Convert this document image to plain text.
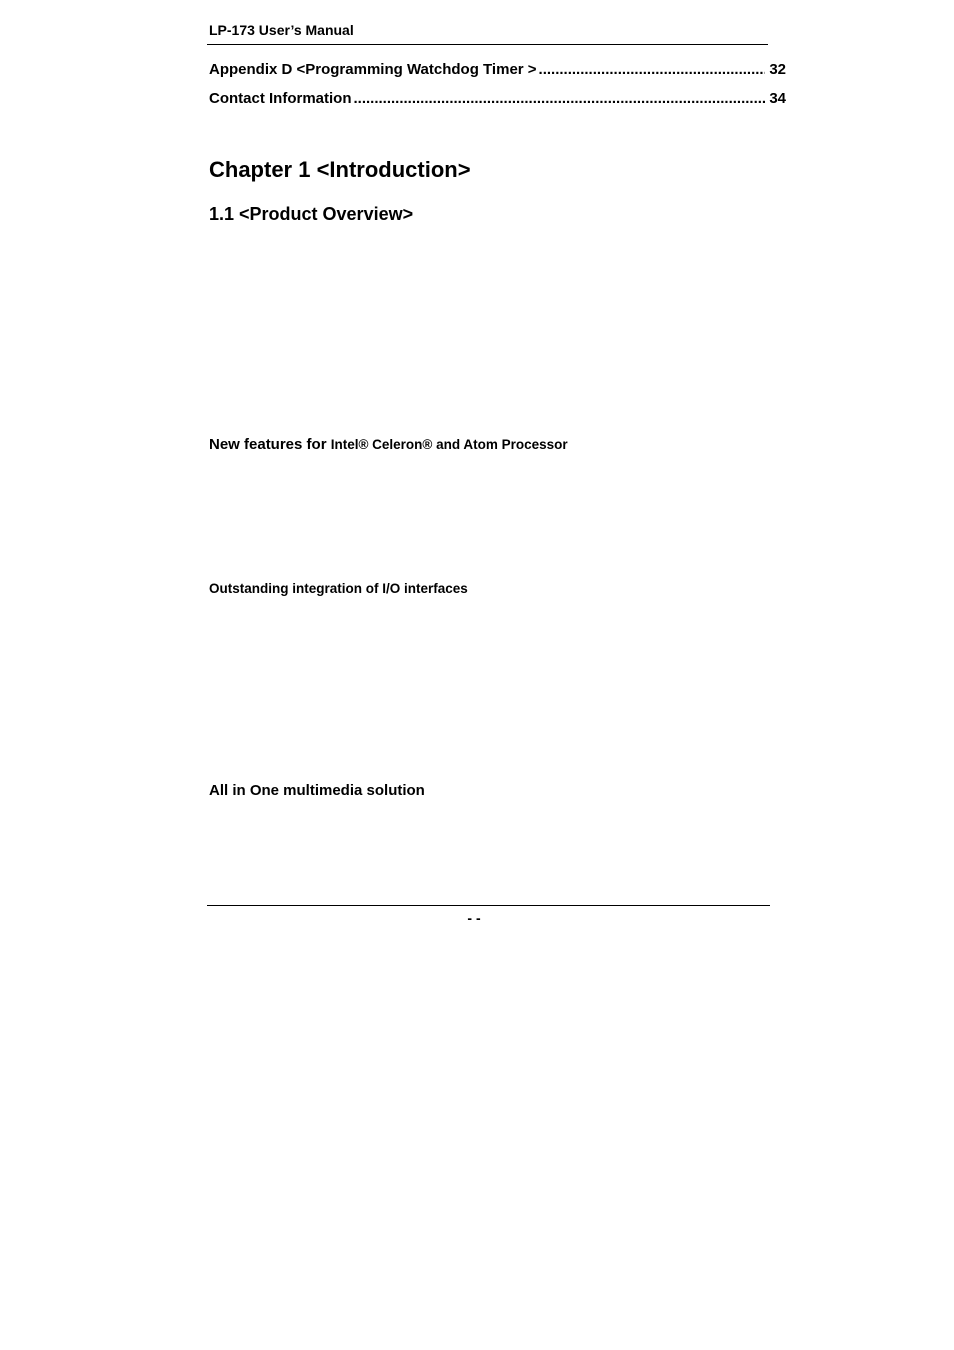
LP-173 User’s Manual
Appendix D <Programming Watchdog Timer > .....	32
Contact Information .....	34
Chapter 1 <Introduction>
1.1 <Product Overview>
New features for Intel® Celeron® and Atom Processor
Outstanding integration of I/O interfaces
All in One multimedia solution
- -
